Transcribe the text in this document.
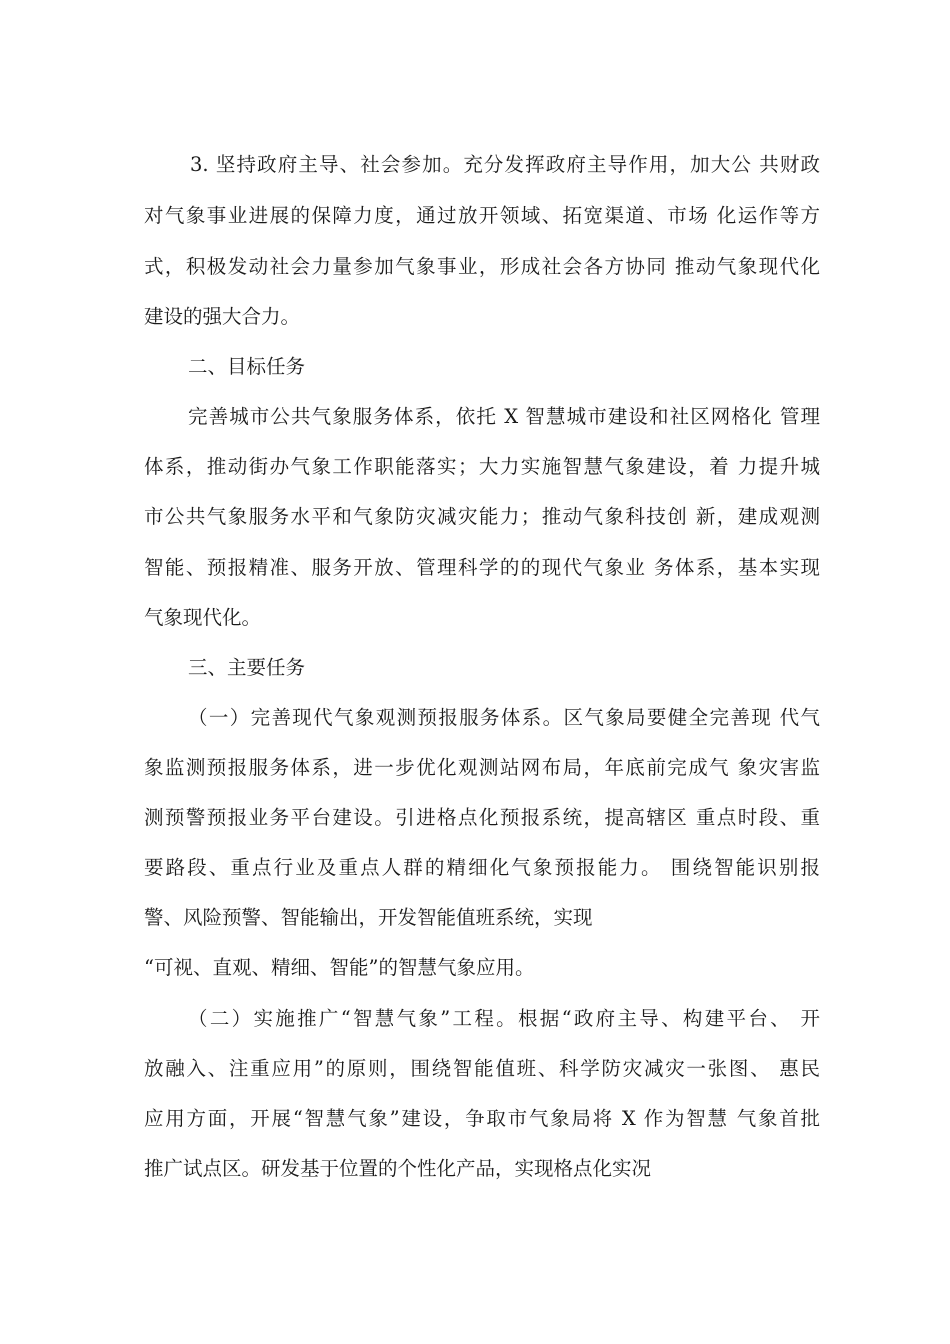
3. 坚持政府主导、社会参加。充分发挥政府主导作用，加大公 共财政
对气象事业进展的保障力度，通过放开领域、拓宽渠道、市场 化运作等方
式，积极发动社会力量参加气象事业，形成社会各方协同 推动气象现代化
建设的强大合力。
二、目标任务
完善城市公共气象服务体系，依托 X 智慧城市建设和社区网格化 管理
体系，推动街办气象工作职能落实；大力实施智慧气象建设，着 力提升城
市公共气象服务水平和气象防灾减灾能力；推动气象科技创 新，建成观测
智能、预报精准、服务开放、管理科学的的现代气象业 务体系，基本实现
气象现代化。
三、主要任务
（一）完善现代气象观测预报服务体系。区气象局要健全完善现 代气
象监测预报服务体系，进一步优化观测站网布局，年底前完成气 象灾害监
测预警预报业务平台建设。引进格点化预报系统，提高辖区 重点时段、重
要路段、重点行业及重点人群的精细化气象预报能力。 围绕智能识别报
警、风险预警、智能输出，开发智能值班系统，实现
“可视、直观、精细、智能”的智慧气象应用。
（二）实施推广“智慧气象”工程。根据“政府主导、构建平台、 开
放融入、注重应用”的原则，围绕智能值班、科学防灾减灾一张图、 惠民
应用方面，开展“智慧气象”建设，争取市气象局将 X 作为智慧 气象首批
推广试点区。研发基于位置的个性化产品，实现格点化实况
